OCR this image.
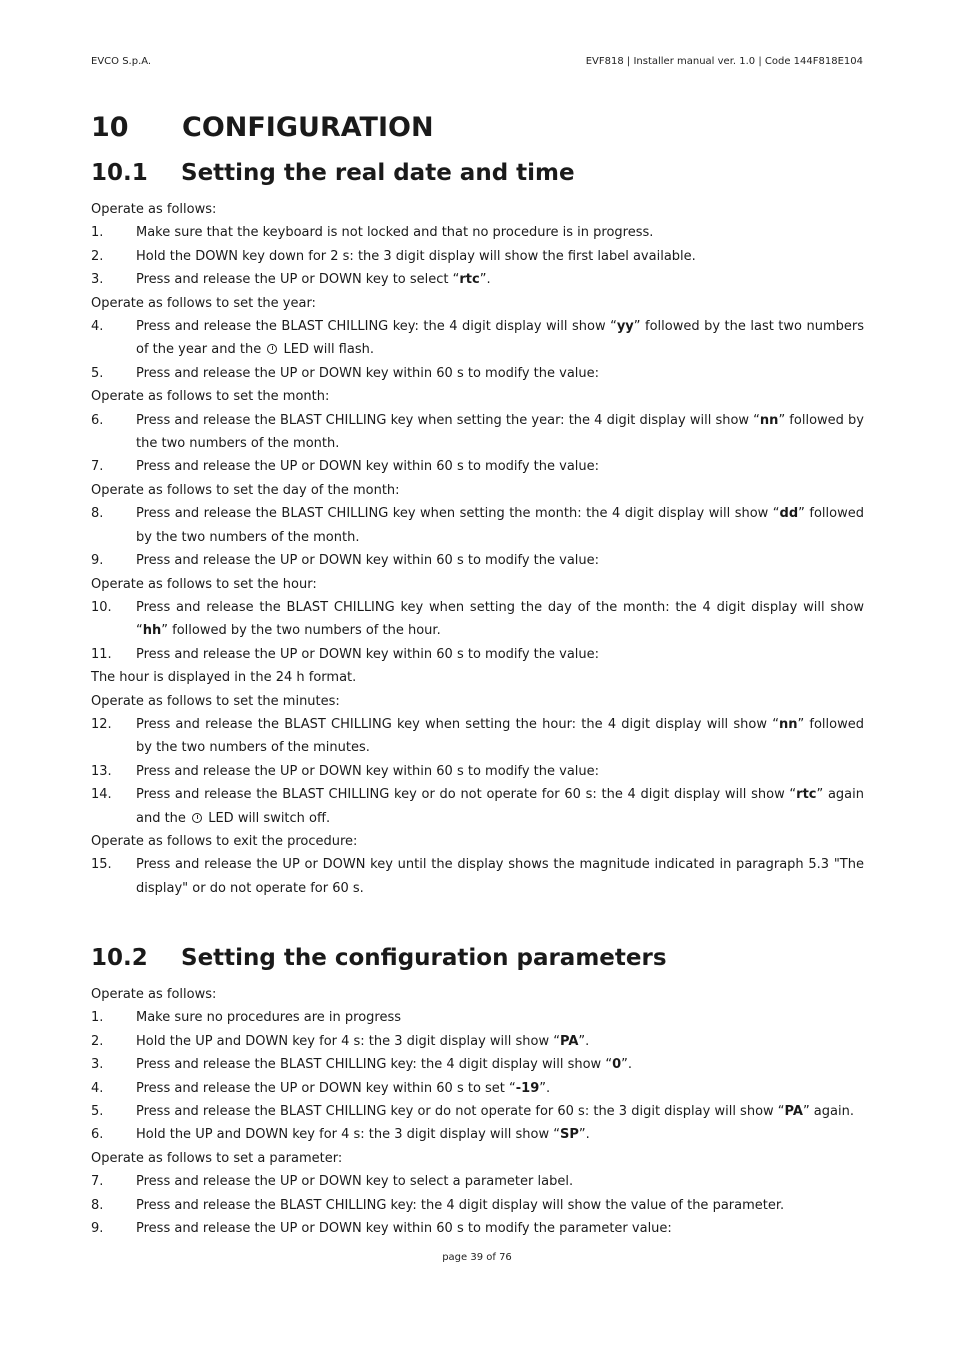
EVCO S.p.A.	EVF818 | Installer manual ver. 1.0 | Code 144F818E104
10 CONFIGURATION
10.1 Setting the real date and time

Operate as follows:

1.	Make sure that the keyboard is not locked and that no procedure is in progress.
2.	Hold the DOWN key down for 2 s: the 3 digit display will show the first label available.
3.	Press and release the UP or DOWN key to select “rtc”.

Operate as follows to set the year:

4.	Press and release the BLAST CHILLING key: the 4 digit display will show “yy” followed by the last two numbers of the year and the LED will flash.
5.	Press and release the UP or DOWN key within 60 s to modify the value:

Operate as follows to set the month:

6.	Press and release the BLAST CHILLING key when setting the year: the 4 digit display will show “nn” followed by the two numbers of the month.
7.	Press and release the UP or DOWN key within 60 s to modify the value:

Operate as follows to set the day of the month:

8.	Press and release the BLAST CHILLING key when setting the month: the 4 digit display will show “dd” followed by the two numbers of the month.
9.	Press and release the UP or DOWN key within 60 s to modify the value:

Operate as follows to set the hour:

10.	Press and release the BLAST CHILLING key when setting the day of the month: the 4 digit display will show “hh” followed by the two numbers of the hour.
11.	Press and release the UP or DOWN key within 60 s to modify the value:

The hour is displayed in the 24 h format.

Operate as follows to set the minutes:

12.	Press and release the BLAST CHILLING key when setting the hour: the 4 digit display will show “nn” followed by the two numbers of the minutes.
13.	Press and release the UP or DOWN key within 60 s to modify the value:
14.	Press and release the BLAST CHILLING key or do not operate for 60 s: the 4 digit display will show “rtc” again and the LED will switch off.

Operate as follows to exit the procedure:

15.	Press and release the UP or DOWN key until the display shows the magnitude indicated in paragraph 5.3 "The display" or do not operate for 60 s.
10.2 Setting the configuration parameters

Operate as follows:

1.	Make sure no procedures are in progress
2.	Hold the UP and DOWN key for 4 s: the 3 digit display will show “PA”.
3.	Press and release the BLAST CHILLING key: the 4 digit display will show “0”.
4.	Press and release the UP or DOWN key within 60 s to set “-19”.
5.	Press and release the BLAST CHILLING key or do not operate for 60 s: the 3 digit display will show “PA” again.
6.	Hold the UP and DOWN key for 4 s: the 3 digit display will show “SP”.

Operate as follows to set a parameter:

7.	Press and release the UP or DOWN key to select a parameter label.
8.	Press and release the BLAST CHILLING key: the 4 digit display will show the value of the parameter.
9.	Press and release the UP or DOWN key within 60 s to modify the parameter value:
page 39 of 76
